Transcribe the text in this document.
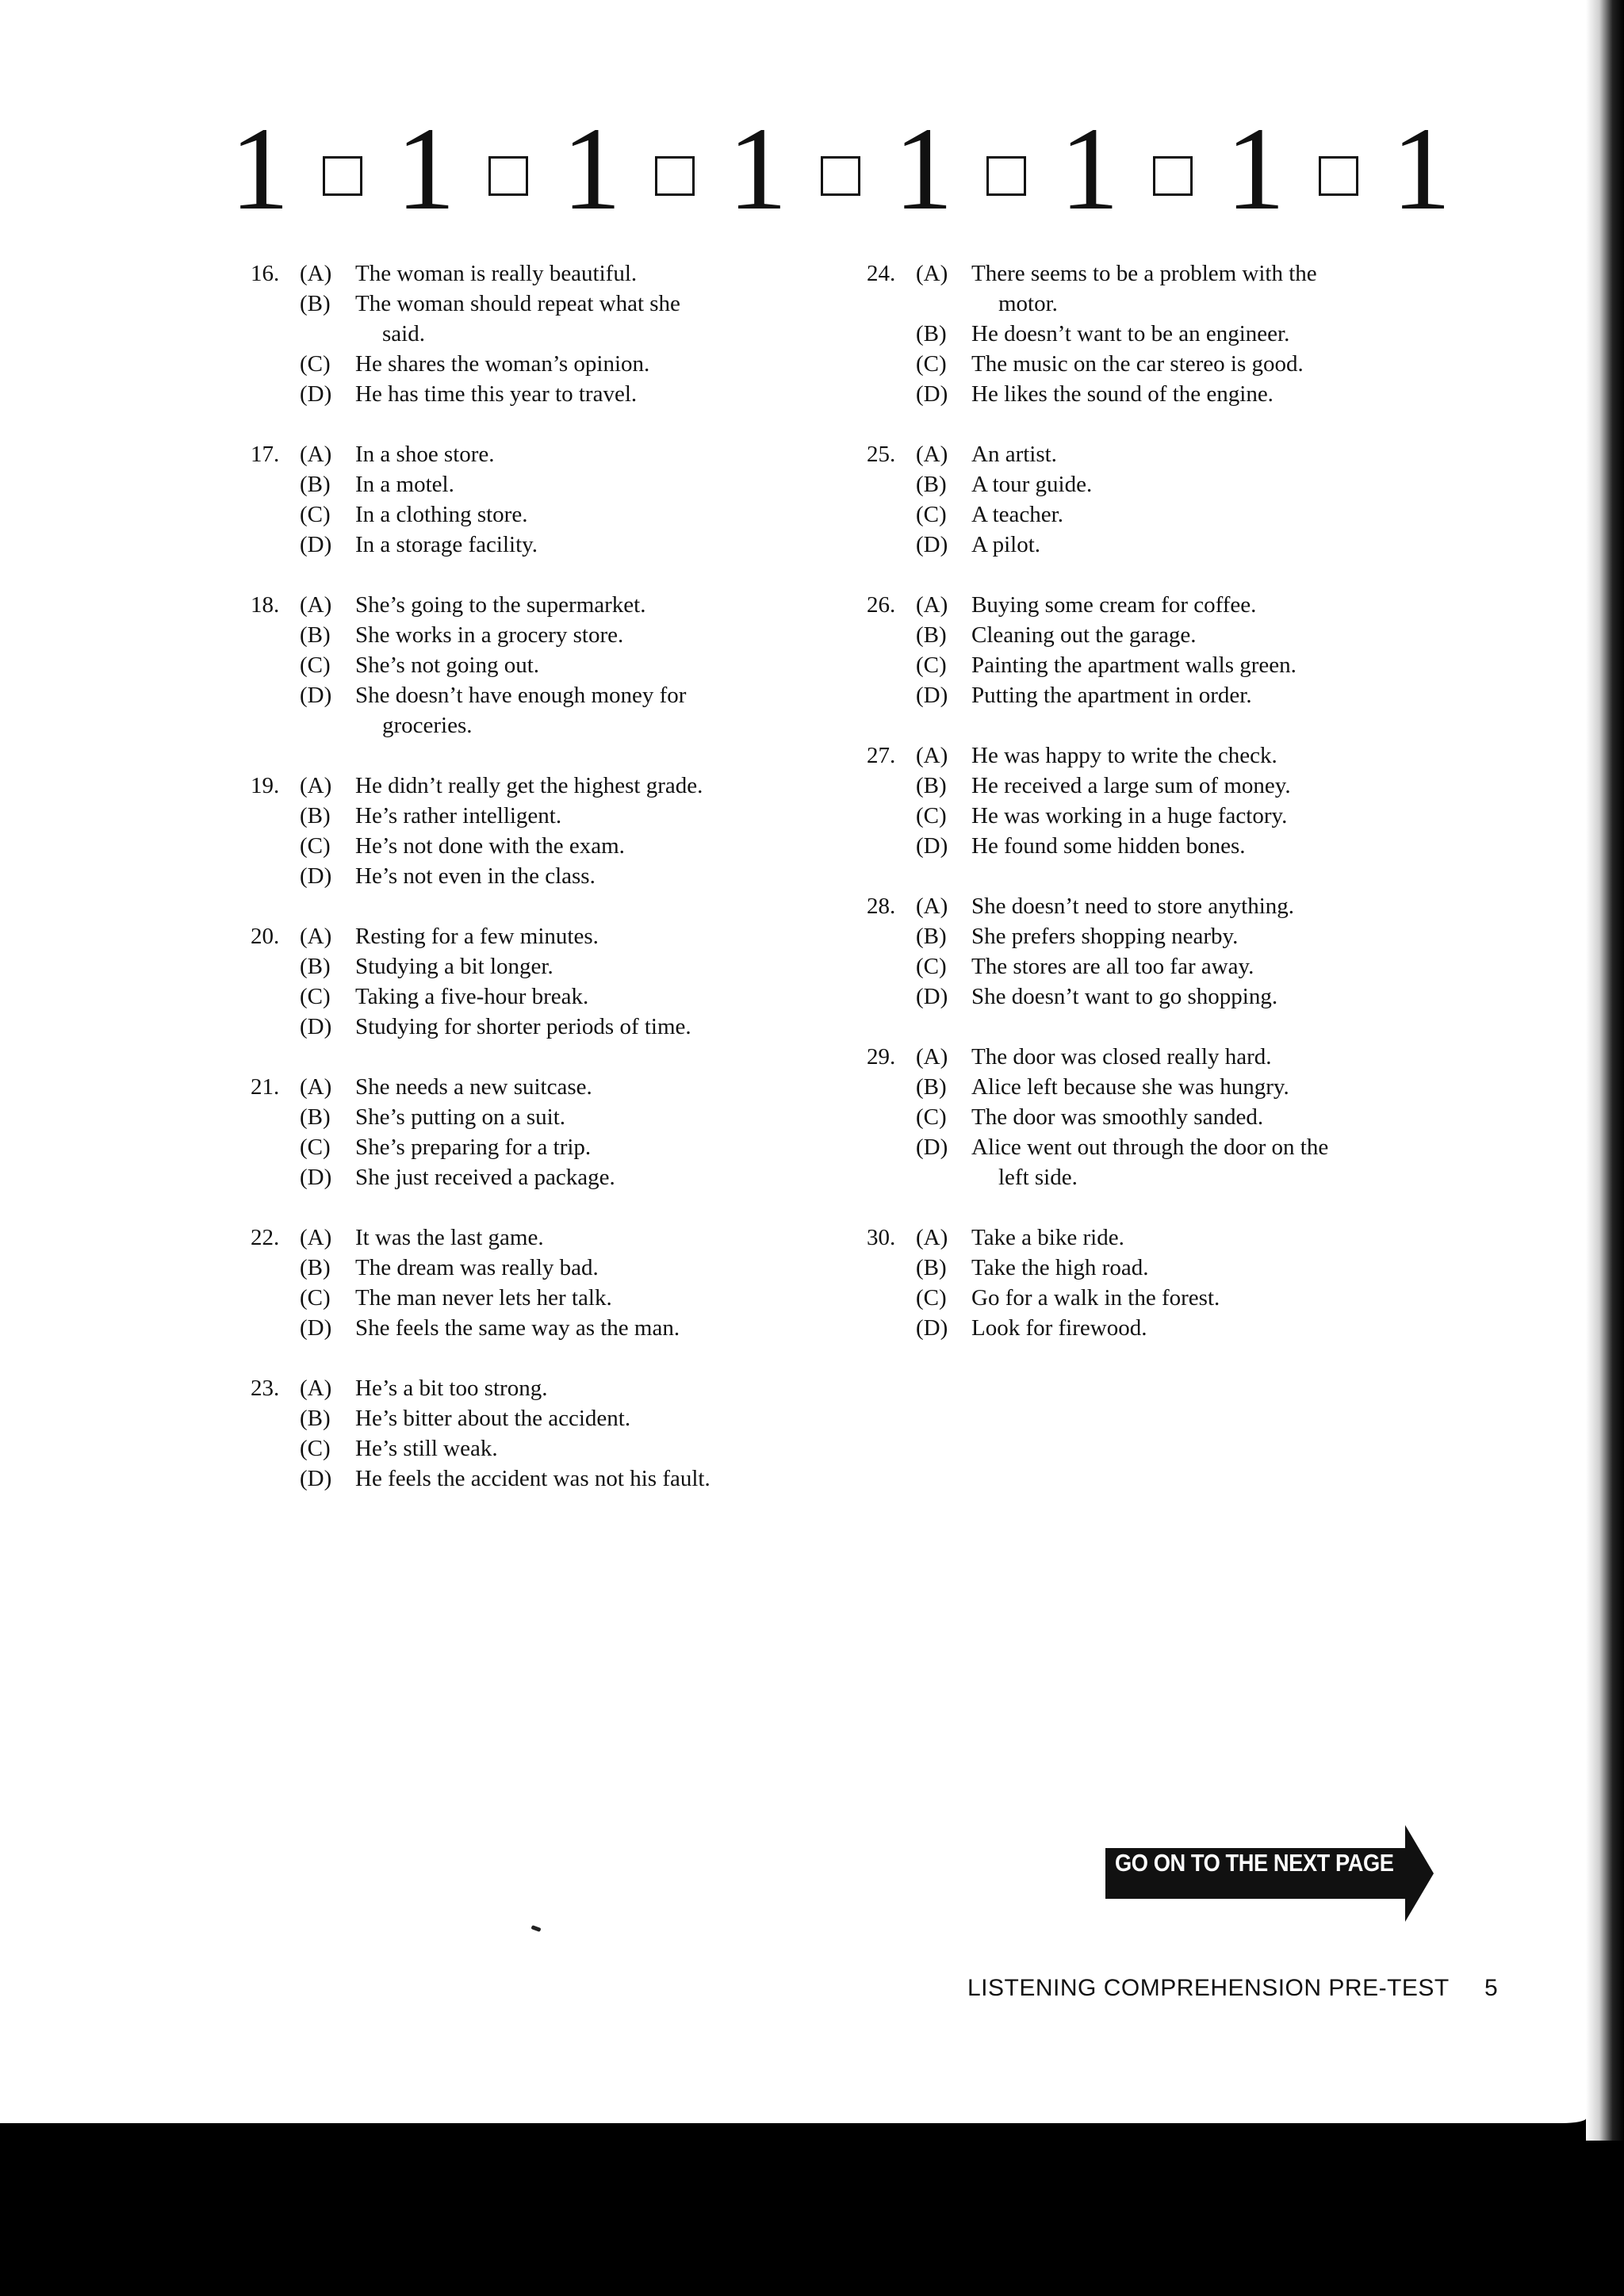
1 1 1 1 1 1 1 1
16. (A)	The woman is really beautiful.
(B)	The woman should repeat what she
said.
(C)	He shares the woman’s opinion.
(D)	He has time this year to travel.
17. (A)	In a shoe store.
(B)	In a motel.
(C)	In a clothing store.
(D)	In a storage facility.
18. (A)	She’s going to the supermarket.
(B)	She works in a grocery store.
(C)	She’s not going out.
(D)	She doesn’t have enough money for
groceries.
19. (A)	He didn’t really get the highest grade.
(B)	He’s rather intelligent.
(C)	He’s not done with the exam.
(D)	He’s not even in the class.
20. (A)	Resting for a few minutes.
(B)	Studying a bit longer.
(C)	Taking a five-hour break.
(D)	Studying for shorter periods of time.
21. (A)	She needs a new suitcase.
(B)	She’s putting on a suit.
(C)	She’s preparing for a trip.
(D)	She just received a package.
22. (A)	It was the last game.
(B)	The dream was really bad.
(C)	The man never lets her talk.
(D)	She feels the same way as the man.
23. (A)	He’s a bit too strong.
(B)	He’s bitter about the accident.
(C)	He’s still weak.
(D)	He feels the accident was not his fault.
24. (A)	There seems to be a problem with the
motor.
(B)	He doesn’t want to be an engineer.
(C)	The music on the car stereo is good.
(D)	He likes the sound of the engine.
25. (A)	An artist.
(B)	A tour guide.
(C)	A teacher.
(D)	A pilot.
26. (A)	Buying some cream for coffee.
(B)	Cleaning out the garage.
(C)	Painting the apartment walls green.
(D)	Putting the apartment in order.
27. (A)	He was happy to write the check.
(B)	He received a large sum of money.
(C)	He was working in a huge factory.
(D)	He found some hidden bones.
28. (A)	She doesn’t need to store anything.
(B)	She prefers shopping nearby.
(C)	The stores are all too far away.
(D)	She doesn’t want to go shopping.
29. (A)	The door was closed really hard.
(B)	Alice left because she was hungry.
(C)	The door was smoothly sanded.
(D)	Alice went out through the door on the
left side.
30. (A)	Take a bike ride.
(B)	Take the high road.
(C)	Go for a walk in the forest.
(D)	Look for firewood.
GO ON TO THE NEXT PAGE
LISTENING COMPREHENSION PRE-TEST 5
